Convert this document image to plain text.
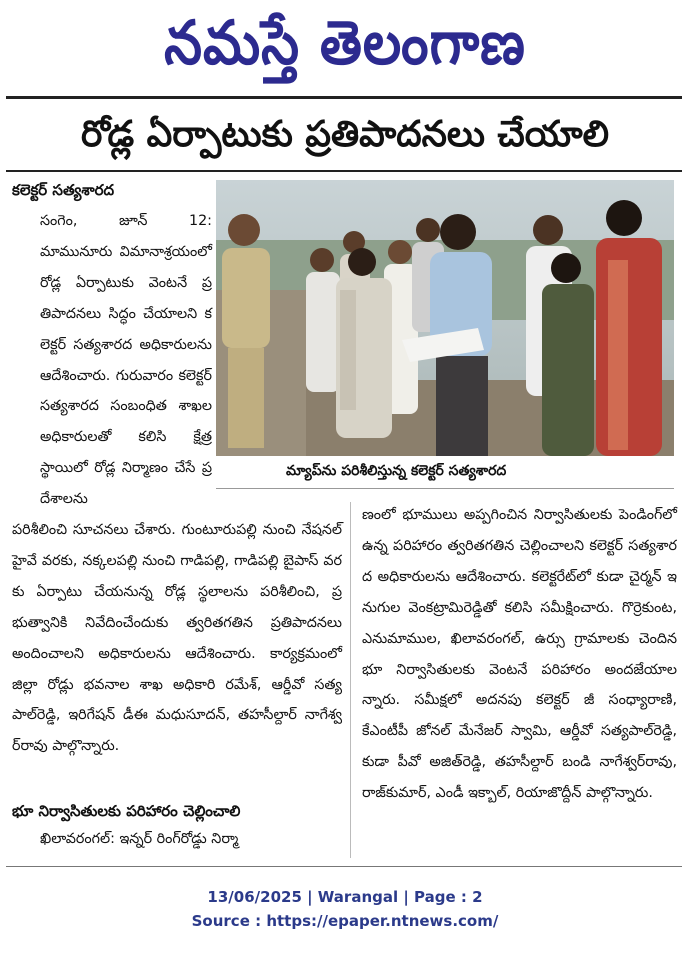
నమస్తే తెలంగాణ
రోడ్ల ఏర్పాటుకు ప్రతిపాదనలు చేయాలి
కలెక్టర్ సత్యశారద
సంగెం, జూన్ 12: మామునూరు విమానాశ్రయంలో రోడ్ల ఏర్పాటుకు వెంటనే ప్రతిపాదనలు సిద్ధం చేయాలని కలెక్టర్ సత్యశారద అధికారులను ఆదేశించారు. గురువారం కలెక్టర్ సత్యశారద సంబంధిత శాఖల అధికారులతో కలిసి క్షేత్రస్థాయిలో రోడ్ల నిర్మాణం చేసే ప్రదేశాలను
మ్యాప్‌ను పరిశీలిస్తున్న కలెక్టర్ సత్యశారద
పరిశీలించి సూచనలు చేశారు. గుంటూరుపల్లి నుంచి నేషనల్ హైవే వరకు, నక్కలపల్లి నుంచి గాడిపల్లి, గాడిపల్లి బైపాస్ వరకు ఏర్పాటు చేయనున్న రోడ్ల స్థలాలను పరిశీలించి, ప్రభుత్వానికి నివేదించేందుకు త్వరితగతిన ప్రతిపాదనలు అందించాలని అధికారులను ఆదేశించారు. కార్యక్రమంలో జిల్లా రోడ్లు భవనాల శాఖ అధికారి రమేశ్, ఆర్డీవో సత్యపాల్‌రెడ్డి, ఇరిగేషన్ డీఈ మధుసూదన్, తహసీల్దార్ నాగేశ్వర్‌రావు పాల్గొన్నారు.
భూ నిర్వాసితులకు పరిహారం చెల్లించాలి
ఖిలావరంగల్: ఇన్నర్ రింగ్‌రోడ్డు నిర్మా
ణంలో భూములు అప్పగించిన నిర్వాసితులకు పెండింగ్‌లో ఉన్న పరిహారం త్వరితగతిన చెల్లించాలని కలెక్టర్ సత్యశారద అధికారులను ఆదేశించారు. కలెక్టరేట్‌లో కుడా చైర్మన్ ఇనుగుల వెంకట్రామిరెడ్డితో కలిసి సమీక్షించారు. గొర్రెకుంట, ఎనుమాముల, ఖిలావరంగల్, ఉర్సు గ్రామాలకు చెందిన భూ నిర్వాసితులకు వెంటనే పరిహారం అందజేయాలన్నారు. సమీక్షలో అదనపు కలెక్టర్ జీ సంధ్యారాణి, కేఎంటీపీ జోనల్ మేనేజర్ స్వామి, ఆర్డీవో సత్యపాల్‌రెడ్డి, కుడా పీవో అజిత్‌రెడ్డి, తహసీల్దార్ బండి నాగేశ్వర్‌రావు, రాజ్‌కుమార్, ఎండీ ఇక్బాల్, రియాజొద్దీన్ పాల్గొన్నారు.
13/06/2025 | Warangal | Page : 2
Source : https://epaper.ntnews.com/
